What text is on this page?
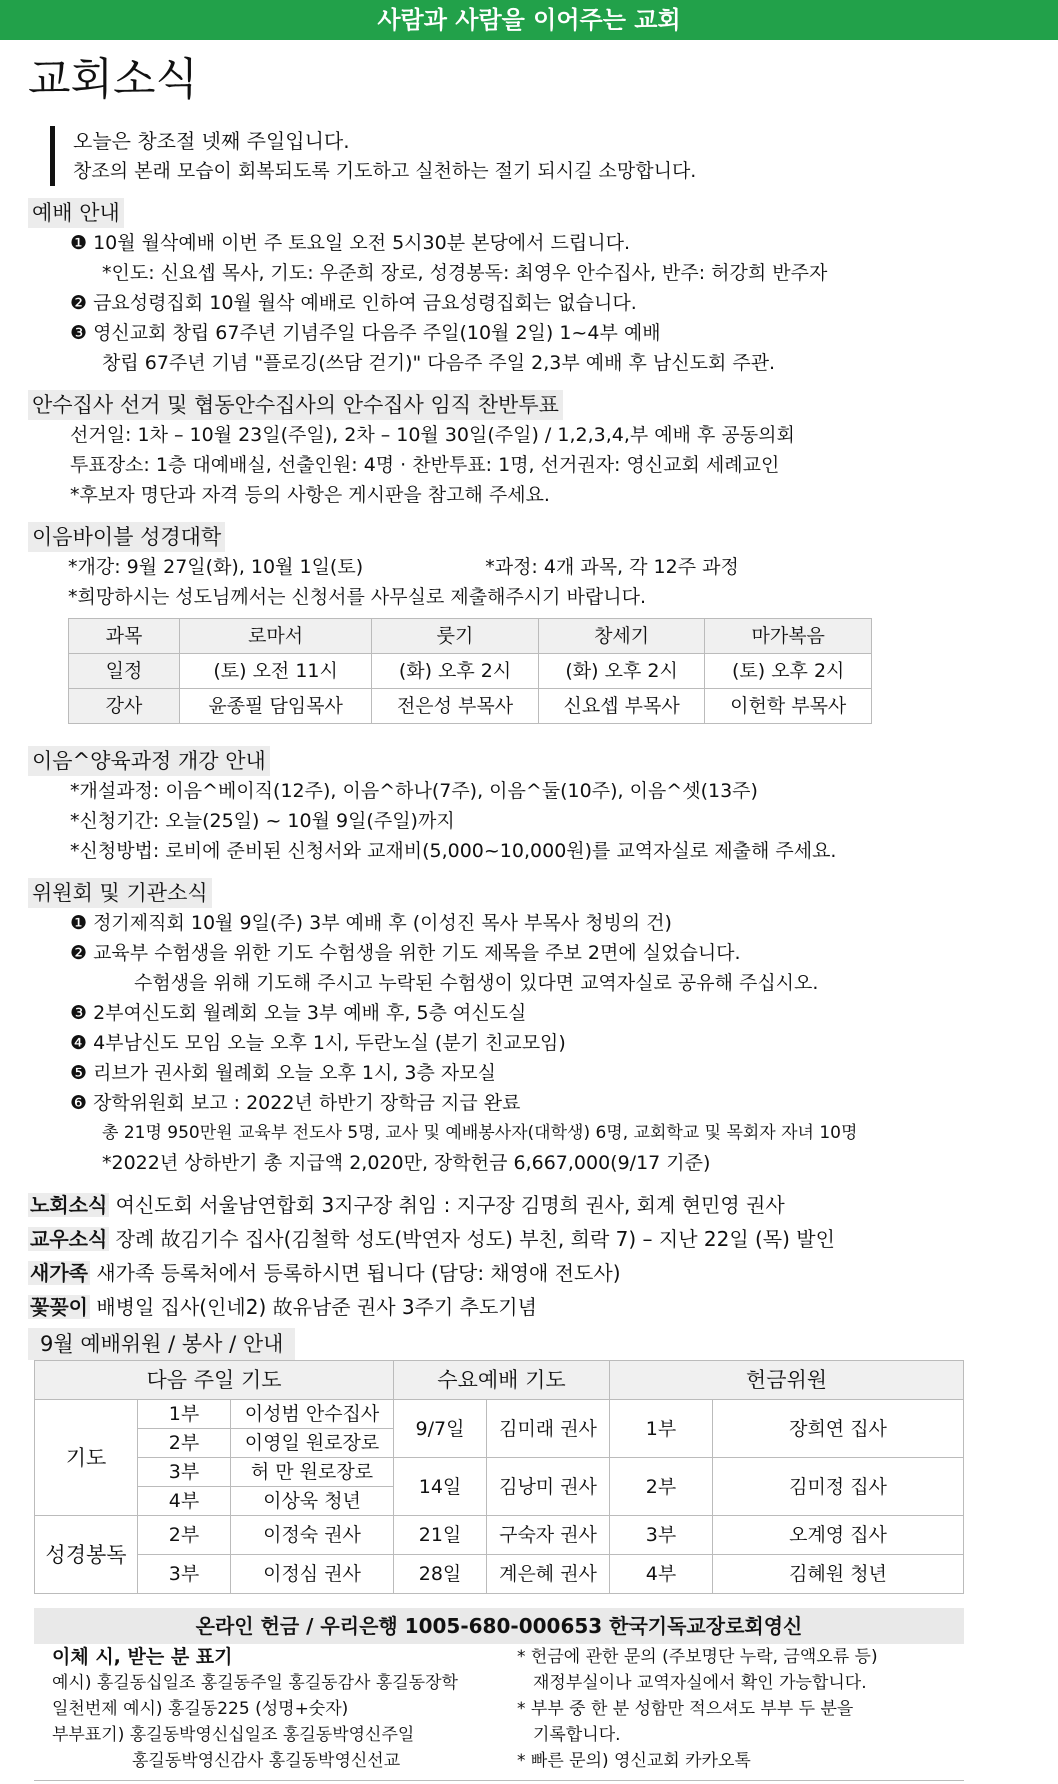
사람과 사람을 이어주는 교회
교회소식
오늘은 창조절 넷째 주일입니다.
창조의 본래 모습이 회복되도록 기도하고 실천하는 절기 되시길 소망합니다.
예배 안내
❶ 10월 월삭예배 이번 주 토요일 오전 5시30분 본당에서 드립니다.
*인도: 신요셉 목사, 기도: 우준희 장로, 성경봉독: 최영우 안수집사, 반주: 허강희 반주자
❷ 금요성령집회 10월 월삭 예배로 인하여 금요성령집회는 없습니다.
❸ 영신교회 창립 67주년 기념주일 다음주 주일(10월 2일) 1~4부 예배
창립 67주년 기념 "플로깅(쓰담 걷기)" 다음주 주일 2,3부 예배 후 남신도회 주관.
안수집사 선거 및 협동안수집사의 안수집사 임직 찬반투표
선거일: 1차 – 10월 23일(주일), 2차 – 10월 30일(주일) / 1,2,3,4,부 예배 후 공동의회
투표장소: 1층 대예배실, 선출인원: 4명 · 찬반투표: 1명, 선거권자: 영신교회 세례교인
*후보자 명단과 자격 등의 사항은 게시판을 참고해 주세요.
이음바이블 성경대학
*개강: 9월 27일(화), 10월 1일(토)	*과정: 4개 과목, 각 12주 과정
*희망하시는 성도님께서는 신청서를 사무실로 제출해주시기 바랍니다.
과목	로마서	룻기	창세기	마가복음
일정	(토) 오전 11시	(화) 오후 2시	(화) 오후 2시	(토) 오후 2시
강사	윤종필 담임목사	전은성 부목사	신요셉 부목사	이헌학 부목사
이음^양육과정 개강 안내
*개설과정: 이음^베이직(12주), 이음^하나(7주), 이음^둘(10주), 이음^셋(13주)
*신청기간: 오늘(25일) ~ 10월 9일(주일)까지
*신청방법: 로비에 준비된 신청서와 교재비(5,000~10,000원)를 교역자실로 제출해 주세요.
위원회 및 기관소식
❶ 정기제직회 10월 9일(주) 3부 예배 후 (이성진 목사 부목사 청빙의 건)
❷ 교육부 수험생을 위한 기도 수험생을 위한 기도 제목을 주보 2면에 실었습니다.
수험생을 위해 기도해 주시고 누락된 수험생이 있다면 교역자실로 공유해 주십시오.
❸ 2부여신도회 월례회 오늘 3부 예배 후, 5층 여신도실
❹ 4부남신도 모임 오늘 오후 1시, 두란노실 (분기 친교모임)
❺ 리브가 권사회 월례회 오늘 오후 1시, 3층 자모실
❻ 장학위원회 보고 : 2022년 하반기 장학금 지급 완료
총 21명 950만원 교육부 전도사 5명, 교사 및 예배봉사자(대학생) 6명, 교회학교 및 목회자 자녀 10명
*2022년 상하반기 총 지급액 2,020만, 장학헌금 6,667,000(9/17 기준)
노회소식 여신도회 서울남연합회 3지구장 취임 : 지구장 김명희 권사, 회계 현민영 권사
교우소식 장례 故김기수 집사(김철학 성도(박연자 성도) 부친, 희락 7) – 지난 22일 (목) 발인
새가족 새가족 등록처에서 등록하시면 됩니다 (담당: 채영애 전도사)
꽃꽂이 배병일 집사(인네2) 故유남준 권사 3주기 추도기념
9월 예배위원 / 봉사 / 안내
다음 주일 기도			수요예배 기도		헌금위원	
기도	1부	이성범 안수집사	9/7일	김미래 권사	1부	장희연 집사
	2부	이영일 원로장로				
	3부	허 만 원로장로	14일	김낭미 권사	2부	김미정 집사
	4부	이상욱 청년				
성경봉독	2부	이정숙 권사	21일	구숙자 권사	3부	오계영 집사
	3부	이정심 권사	28일	계은혜 권사	4부	김혜원 청년
온라인 헌금 / 우리은행 1005-680-000653 한국기독교장로회영신
이체 시, 받는 분 표기
예시) 홍길동십일조 홍길동주일 홍길동감사 홍길동장학
일천번제 예시) 홍길동225 (성명+숫자)
부부표기) 홍길동박영신십일조 홍길동박영신주일
홍길동박영신감사 홍길동박영신선교
* 헌금에 관한 문의 (주보명단 누락, 금액오류 등)
재정부실이나 교역자실에서 확인 가능합니다.
* 부부 중 한 분 성함만 적으셔도 부부 두 분을
기록합니다.
* 빠른 문의) 영신교회 카카오톡
